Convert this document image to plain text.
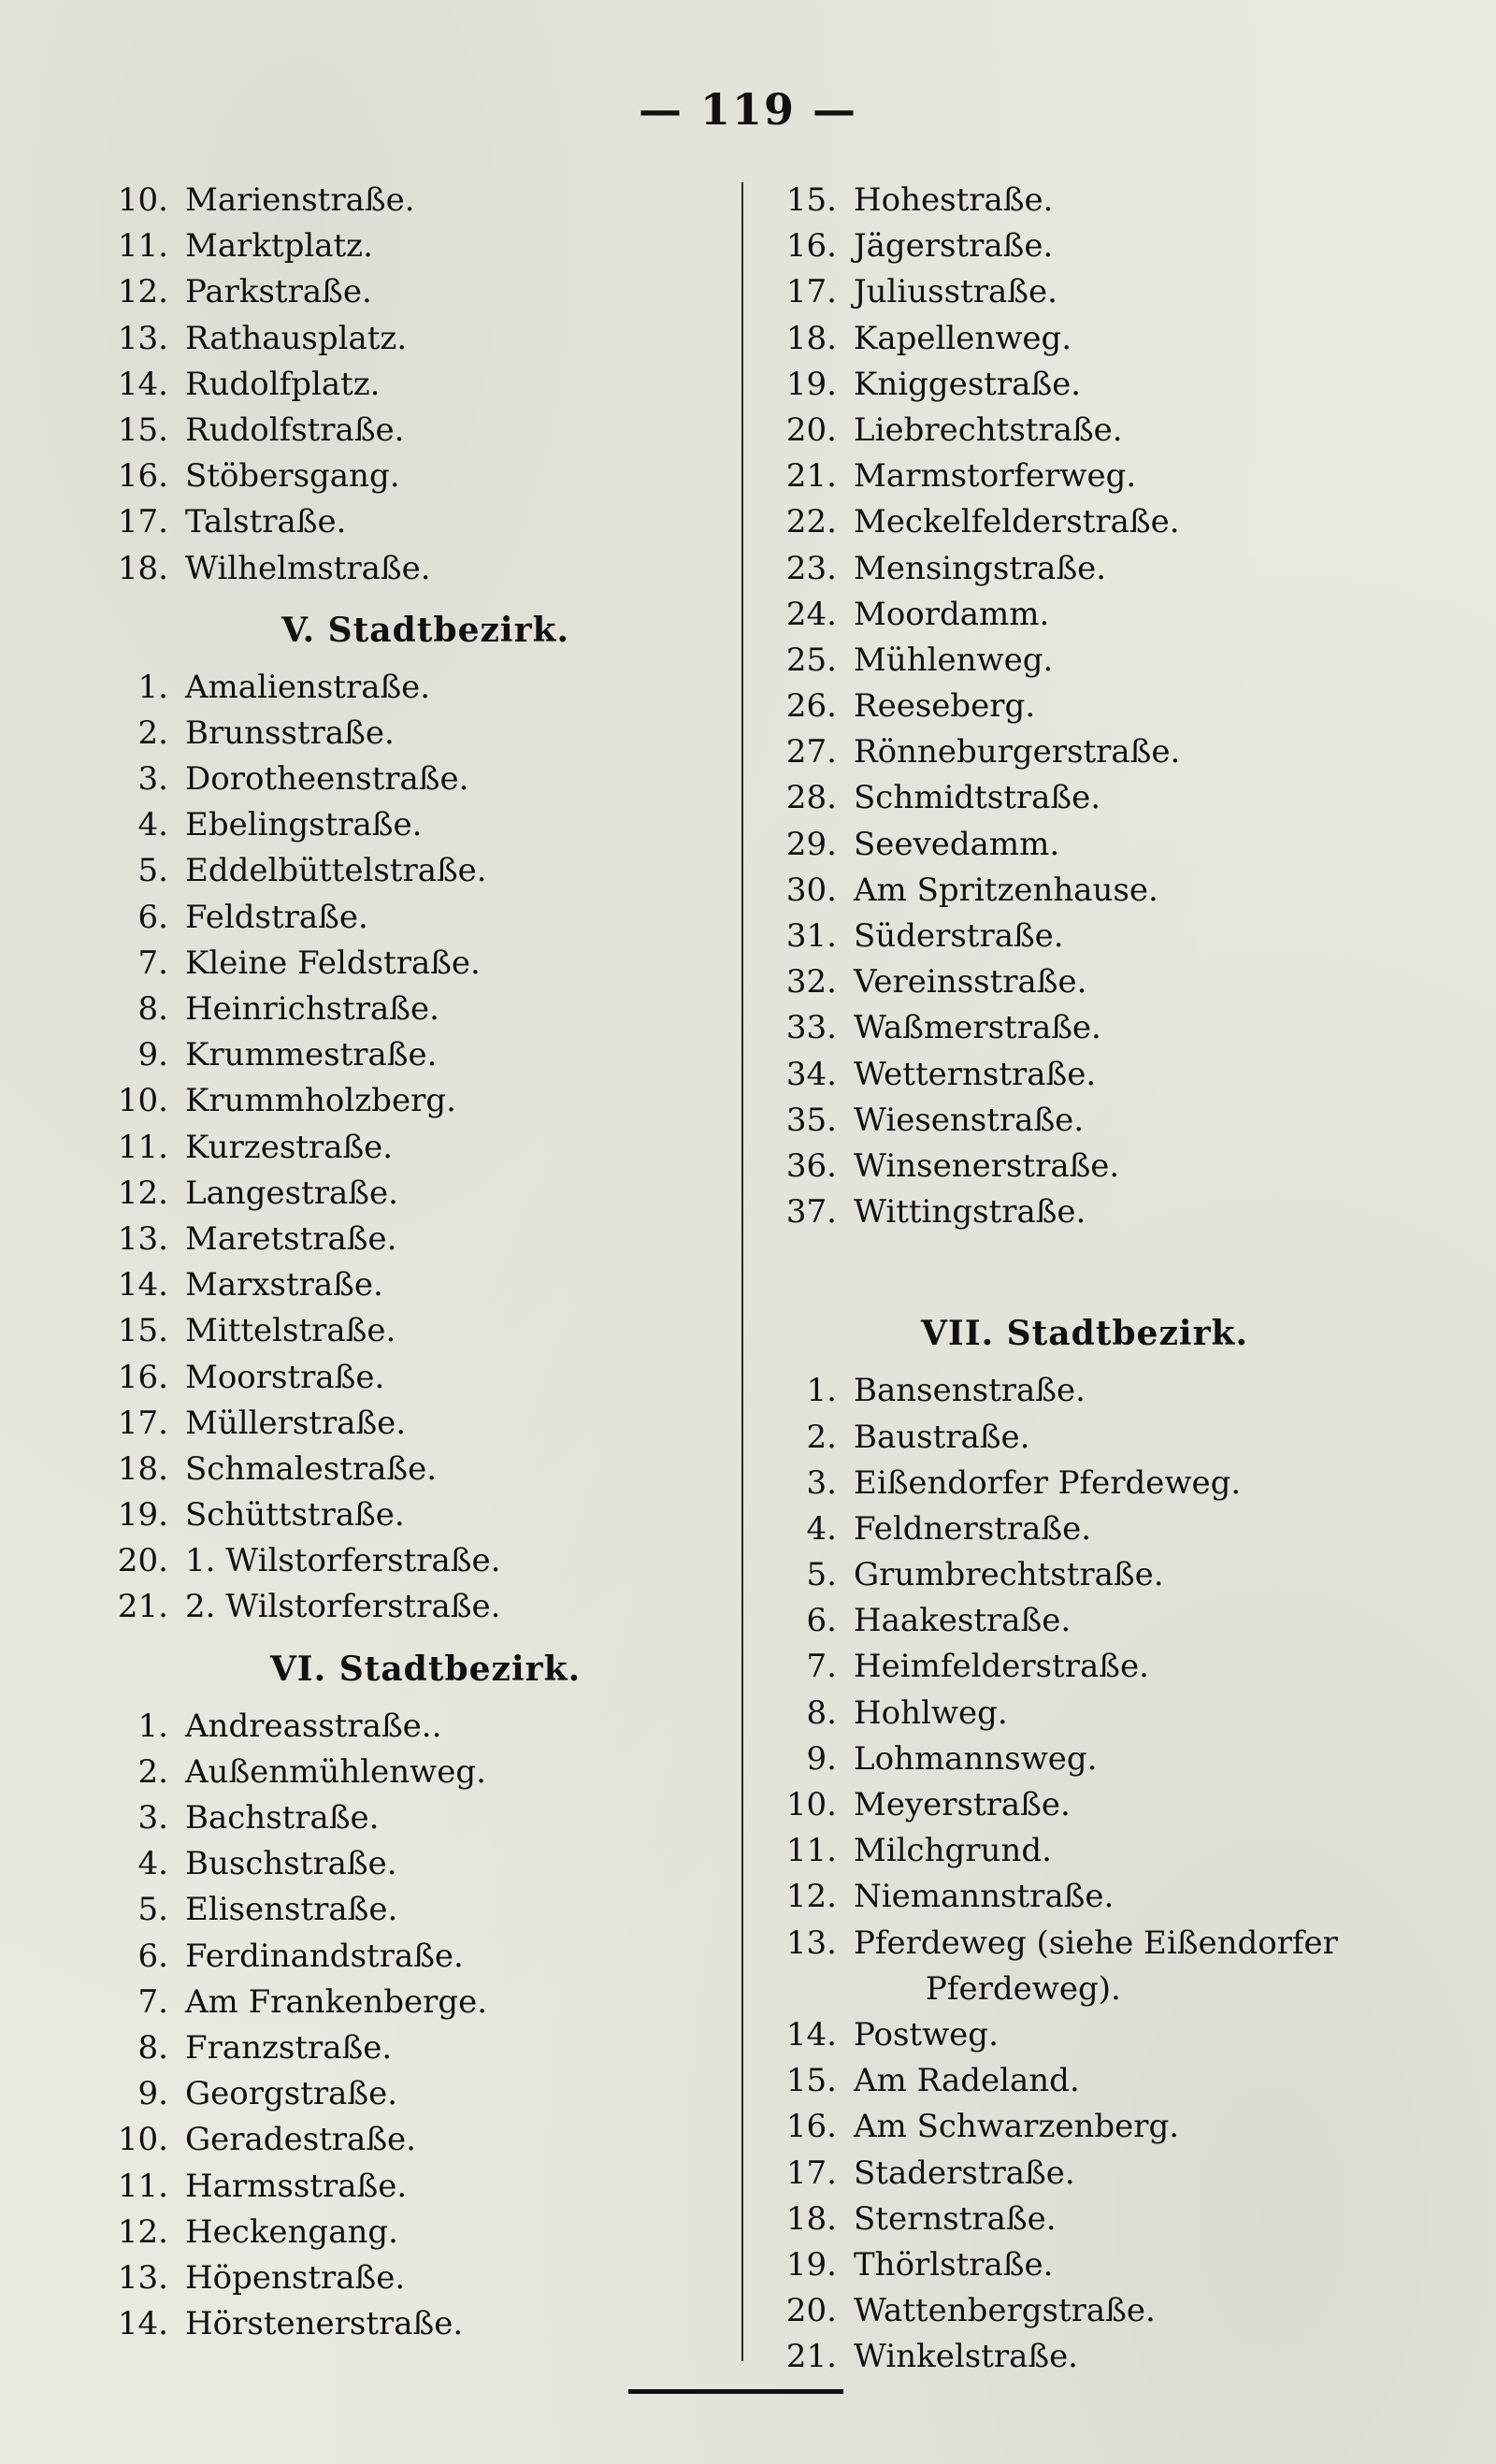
— 119 —
10. Marienstraße.
11. Marktplatz.
12. Parkstraße.
13. Rathausplatz.
14. Rudolfplatz.
15. Rudolfstraße.
16. Stöbersgang.
17. Talstraße.
18. Wilhelmstraße.
V. Stadtbezirk.
1. Amalienstraße.
2. Brunsstraße.
3. Dorotheenstraße.
4. Ebelingstraße.
5. Eddelbüttelstraße.
6. Feldstraße.
7. Kleine Feldstraße.
8. Heinrichstraße.
9. Krummestraße.
10. Krummholzberg.
11. Kurzestraße.
12. Langestraße.
13. Maretstraße.
14. Marxstraße.
15. Mittelstraße.
16. Moorstraße.
17. Müllerstraße.
18. Schmalestraße.
19. Schüttstraße.
20. 1. Wilstorferstraße.
21. 2. Wilstorferstraße.
VI. Stadtbezirk.
1. Andreasstraße..
2. Außenmühlenweg.
3. Bachstraße.
4. Buschstraße.
5. Elisenstraße.
6. Ferdinandstraße.
7. Am Frankenberge.
8. Franzstraße.
9. Georgstraße.
10. Geradestraße.
11. Harmsstraße.
12. Heckengang.
13. Höpenstraße.
14. Hörstenerstraße.
15. Hohestraße.
16. Jägerstraße.
17. Juliusstraße.
18. Kapellenweg.
19. Kniggestraße.
20. Liebrechtstraße.
21. Marmstorferweg.
22. Meckelfelderstraße.
23. Mensingstraße.
24. Moordamm.
25. Mühlenweg.
26. Reeseberg.
27. Rönneburgerstraße.
28. Schmidtstraße.
29. Seevedamm.
30. Am Spritzenhause.
31. Süderstraße.
32. Vereinsstraße.
33. Waßmerstraße.
34. Wetternstraße.
35. Wiesenstraße.
36. Winsenerstraße.
37. Wittingstraße.
VII. Stadtbezirk.
1. Bansenstraße.
2. Baustraße.
3. Eißendorfer Pferdeweg.
4. Feldnerstraße.
5. Grumbrechtstraße.
6. Haakestraße.
7. Heimfelderstraße.
8. Hohlweg.
9. Lohmannsweg.
10. Meyerstraße.
11. Milchgrund.
12. Niemannstraße.
13. Pferdeweg (siehe Eißendorfer
Pferdeweg).
14. Postweg.
15. Am Radeland.
16. Am Schwarzenberg.
17. Staderstraße.
18. Sternstraße.
19. Thörlstraße.
20. Wattenbergstraße.
21. Winkelstraße.
